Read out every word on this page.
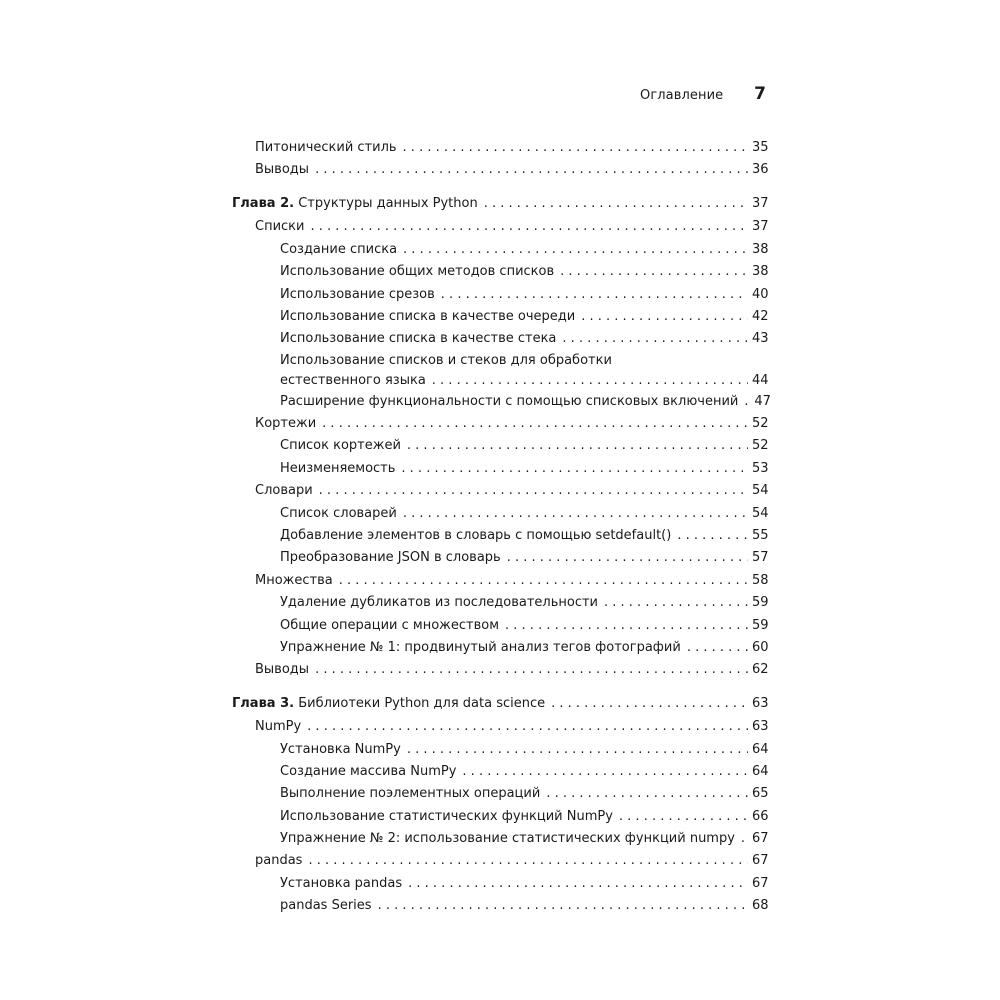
Оглавление 7
Питонический стиль . . .	35
Выводы . . .	36
Глава 2. Структуры данных Python . . .	37
Списки . . .	37
Создание списка . . .	38
Использование общих методов списков . . .	38
Использование срезов . . .	40
Использование списка в качестве очереди . . .	42
Использование списка в качестве стека . . .	43
Использование списков и стеков для обработки
естественного языка . . .	44
Расширение функциональности с помощью списковых включений . . . 47
Кортежи . . .	52
Список кортежей . . .	52
Неизменяемость . . .	53
Словари . . .	54
Список словарей . . .	54
Добавление элементов в словарь с помощью setdefault() . . .	55
Преобразование JSON в словарь . . .	57
Множества . . .	58
Удаление дубликатов из последовательности . . .	59
Общие операции с множеством . . .	59
Упражнение № 1: продвинутый анализ тегов фотографий . . .	60
Выводы . . .	62
Глава 3. Библиотеки Python для data science . . .	63
NumPy . . .	63
Установка NumPy . . .	64
Создание массива NumPy . . .	64
Выполнение поэлементных операций . . .	65
Использование статистических функций NumPy . . .	66
Упражнение № 2: использование статистических функций numpy . . . 67
pandas . . .	67
Установка pandas . . .	67
pandas Series . . .	68
